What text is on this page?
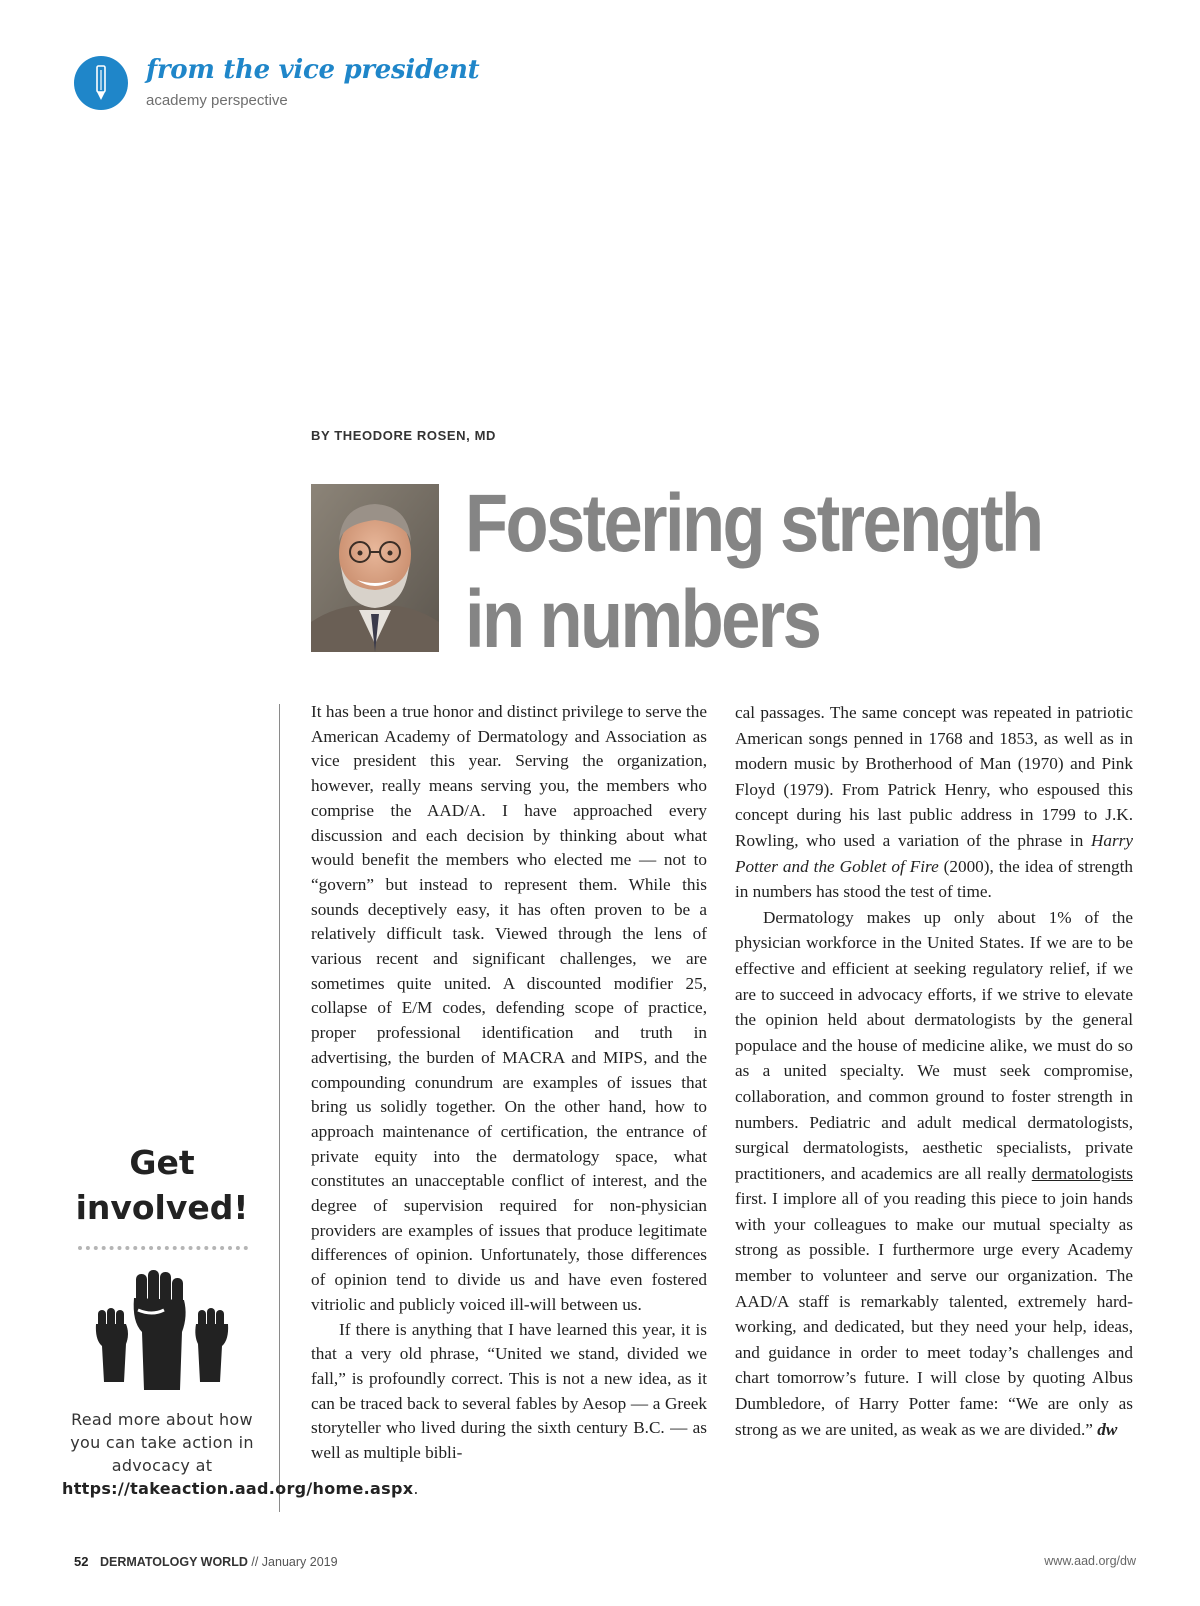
from the vice president
academy perspective
BY THEODORE ROSEN, MD
Fostering strength
in numbers

It has been a true honor and distinct privilege to serve the American Academy of Dermatology and Association as vice president this year. Serving the organization, however, really means serving you, the members who comprise the AAD/A. I have approached every discussion and each decision by thinking about what would benefit the members who elected me — not to “govern” but instead to represent them. While this sounds deceptively easy, it has often proven to be a relatively difficult task. Viewed through the lens of various recent and significant challenges, we are sometimes quite united. A discounted modifier 25, collapse of E/M codes, defending scope of practice, proper professional identification and truth in advertising, the burden of MACRA and MIPS, and the compounding conundrum are examples of issues that bring us solidly together. On the other hand, how to approach maintenance of certification, the entrance of private equity into the dermatology space, what constitutes an unacceptable conflict of interest, and the degree of supervision required for non-physician providers are examples of issues that produce legitimate differences of opinion. Unfortunately, those differences of opinion tend to divide us and have even fostered vitriolic and publicly voiced ill-will between us.

If there is anything that I have learned this year, it is that a very old phrase, “United we stand, divided we fall,” is profoundly correct. This is not a new idea, as it can be traced back to several fables by Aesop — a Greek storyteller who lived during the sixth century B.C. — as well as multiple bibli-

cal passages. The same concept was repeated in patriotic American songs penned in 1768 and 1853, as well as in modern music by Brotherhood of Man (1970) and Pink Floyd (1979). From Patrick Henry, who espoused this concept during his last public address in 1799 to J.K. Rowling, who used a variation of the phrase in Harry Potter and the Goblet of Fire (2000), the idea of strength in numbers has stood the test of time.

Dermatology makes up only about 1% of the physician workforce in the United States. If we are to be effective and efficient at seeking regulatory relief, if we are to succeed in advocacy efforts, if we strive to elevate the opinion held about dermatologists by the general populace and the house of medicine alike, we must do so as a united specialty. We must seek compromise, collaboration, and common ground to foster strength in numbers. Pediatric and adult medical dermatologists, surgical dermatologists, aesthetic specialists, private practitioners, and academics are all really dermatologists first. I implore all of you reading this piece to join hands with your colleagues to make our mutual specialty as strong as possible. I furthermore urge every Academy member to volunteer and serve our organization. The AAD/A staff is remarkably talented, extremely hard-working, and dedicated, but they need your help, ideas, and guidance in order to meet today’s challenges and chart tomorrow’s future. I will close by quoting Albus Dumbledore, of Harry Potter fame: “We are only as strong as we are united, as weak as we are divided.” dw

Get
involved!
Read more about how you can take action in advocacy at https://takeaction.aad.org/home.aspx.
52 DERMATOLOGY WORLD // January 2019	www.aad.org/dw
